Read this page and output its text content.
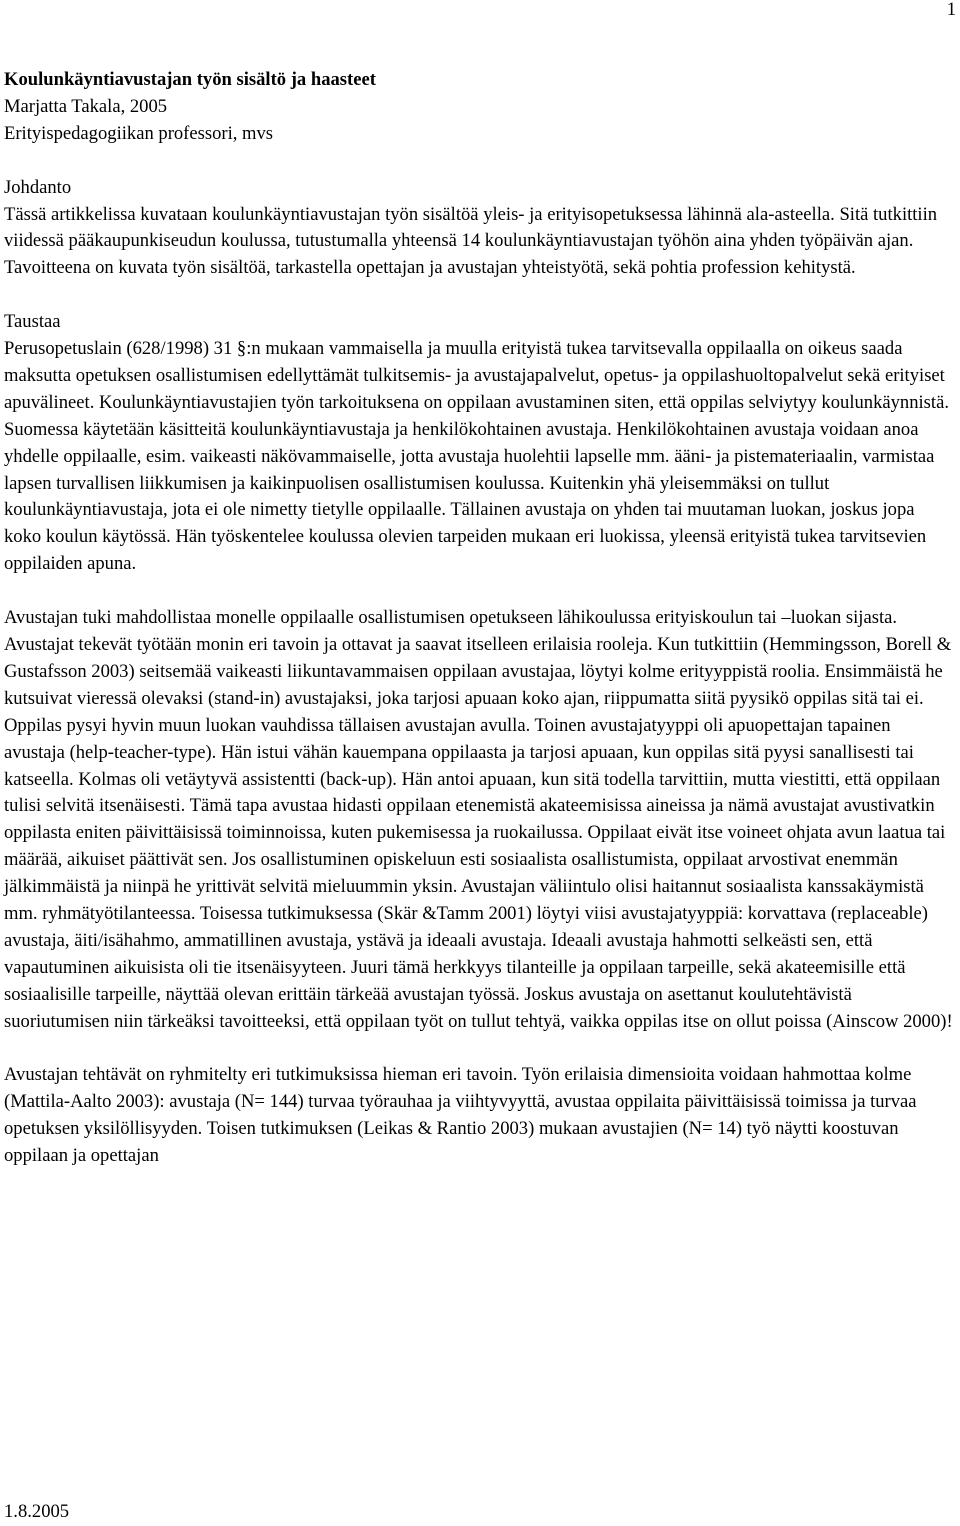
1

Koulunkäyntiavustajan työn sisältö ja haasteet

Marjatta Takala, 2005

Erityispedagogiikan professori, mvs

Johdanto

Tässä artikkelissa kuvataan koulunkäyntiavustajan työn sisältöä yleis- ja erityisopetuksessa lähinnä ala-asteella. Sitä tutkittiin viidessä pääkaupunkiseudun koulussa, tutustumalla yhteensä 14 koulunkäyntiavustajan työhön aina yhden työpäivän ajan. Tavoitteena on kuvata työn sisältöä, tarkastella opettajan ja avustajan yhteistyötä, sekä pohtia profession kehitystä.

Taustaa

Perusopetuslain (628/1998) 31 §:n mukaan vammaisella ja muulla erityistä tukea tarvitsevalla oppilaalla on oikeus saada maksutta opetuksen osallistumisen edellyttämät tulkitsemis- ja avustajapalvelut, opetus- ja oppilashuoltopalvelut sekä erityiset apuvälineet. Koulunkäyntiavustajien työn tarkoituksena on oppilaan avustaminen siten, että oppilas selviytyy koulunkäynnistä. Suomessa käytetään käsitteitä koulunkäyntiavustaja ja henkilökohtainen avustaja. Henkilökohtainen avustaja voidaan anoa yhdelle oppilaalle, esim. vaikeasti näkövammaiselle, jotta avustaja huolehtii lapselle mm. ääni- ja pistemateriaalin, varmistaa lapsen turvallisen liikkumisen ja kaikinpuolisen osallistumisen koulussa. Kuitenkin yhä yleisemmäksi on tullut koulunkäyntiavustaja, jota ei ole nimetty tietylle oppilaalle. Tällainen avustaja on yhden tai muutaman luokan, joskus jopa koko koulun käytössä. Hän työskentelee koulussa olevien tarpeiden mukaan eri luokissa, yleensä erityistä tukea tarvitsevien oppilaiden apuna.

Avustajan tuki mahdollistaa monelle oppilaalle osallistumisen opetukseen lähikoulussa erityiskoulun tai –luokan sijasta. Avustajat tekevät työtään monin eri tavoin ja ottavat ja saavat itselleen erilaisia rooleja. Kun tutkittiin (Hemmingsson, Borell & Gustafsson 2003) seitsemää vaikeasti liikuntavammaisen oppilaan avustajaa, löytyi kolme erityyppistä roolia. Ensimmäistä he kutsuivat vieressä olevaksi (stand-in) avustajaksi, joka tarjosi apuaan koko ajan, riippumatta siitä pyysikö oppilas sitä tai ei. Oppilas pysyi hyvin muun luokan vauhdissa tällaisen avustajan avulla. Toinen avustajatyyppi oli apuopettajan tapainen avustaja (help-teacher-type). Hän istui vähän kauempana oppilaasta ja tarjosi apuaan, kun oppilas sitä pyysi sanallisesti tai katseella. Kolmas oli vetäytyvä assistentti (back-up). Hän antoi apuaan, kun sitä todella tarvittiin, mutta viestitti, että oppilaan tulisi selvitä itsenäisesti. Tämä tapa avustaa hidasti oppilaan etenemistä akateemisissa aineissa ja nämä avustajat avustivatkin oppilasta eniten päivittäisissä toiminnoissa, kuten pukemisessa ja ruokailussa. Oppilaat eivät itse voineet ohjata avun laatua tai määrää, aikuiset päättivät sen. Jos osallistuminen opiskeluun esti sosiaalista osallistumista, oppilaat arvostivat enemmän jälkimmäistä ja niinpä he yrittivät selvitä mieluummin yksin. Avustajan väliintulo olisi haitannut sosiaalista kanssakäymistä mm. ryhmätyötilanteessa. Toisessa tutkimuksessa (Skär &Tamm 2001) löytyi viisi avustajatyyppiä: korvattava (replaceable) avustaja, äiti/isähahmo, ammatillinen avustaja, ystävä ja ideaali avustaja. Ideaali avustaja hahmotti selkeästi sen, että vapautuminen aikuisista oli tie itsenäisyyteen. Juuri tämä herkkyys tilanteille ja oppilaan tarpeille, sekä akateemisille että sosiaalisille tarpeille, näyttää olevan erittäin tärkeää avustajan työssä. Joskus avustaja on asettanut koulutehtävistä suoriutumisen niin tärkeäksi tavoitteeksi, että oppilaan työt on tullut tehtyä, vaikka oppilas itse on ollut poissa (Ainscow 2000)!

Avustajan tehtävät on ryhmitelty eri tutkimuksissa hieman eri tavoin. Työn erilaisia dimensioita voidaan hahmottaa kolme (Mattila-Aalto 2003): avustaja (N= 144) turvaa työrauhaa ja viihtyvyyttä, avustaa oppilaita päivittäisissä toimissa ja turvaa opetuksen yksilöllisyyden. Toisen tutkimuksen (Leikas & Rantio 2003) mukaan avustajien (N= 14) työ näytti koostuvan oppilaan ja opettajan

1.8.2005
